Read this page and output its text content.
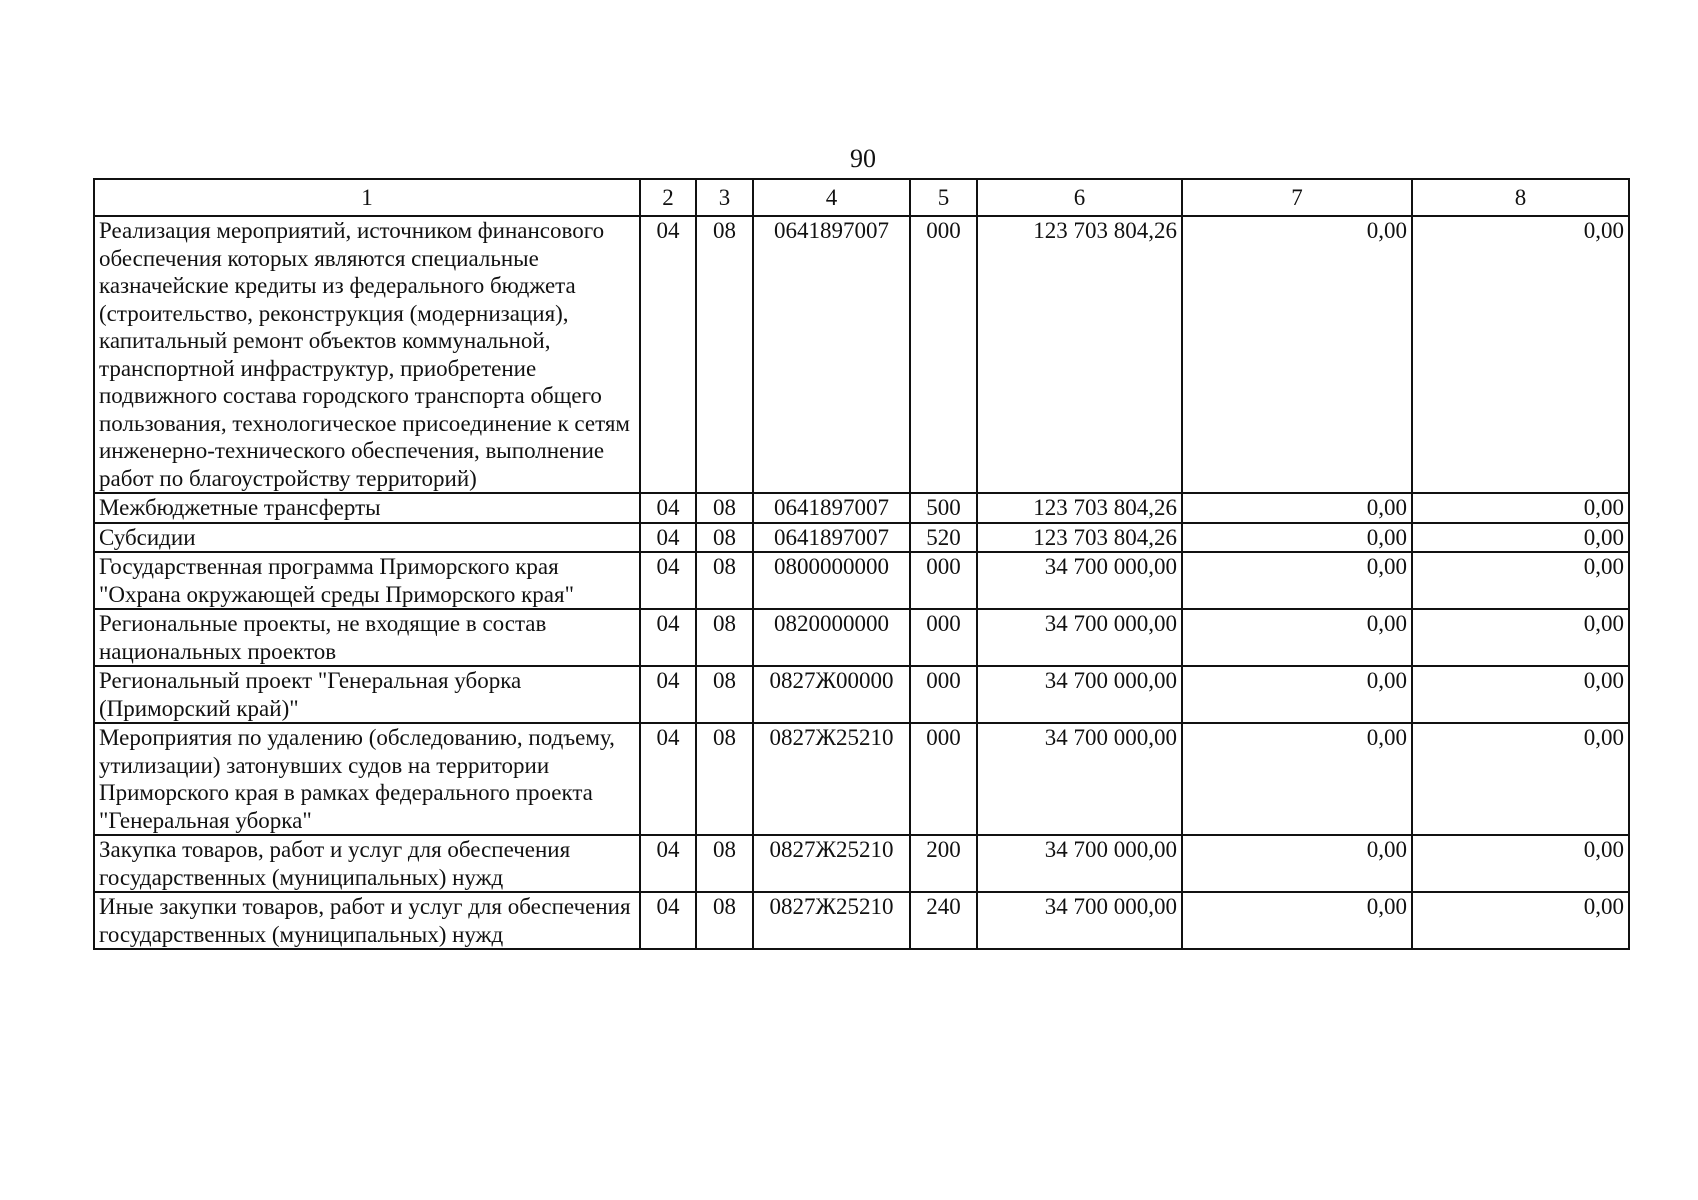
90
1	2	3	4	5	6	7	8
Реализация мероприятий, источником финансового обеспечения которых являются специальные казначейские кредиты из федерального бюджета (строительство, реконструкция (модернизация), капитальный ремонт объектов коммунальной, транспортной инфраструктур, приобретение подвижного состава городского транспорта общего пользования, технологическое присоединение к сетям инженерно-технического обеспечения, выполнение работ по благоустройству территорий)	04	08	0641897007	000	123 703 804,26	0,00	0,00
Межбюджетные трансферты	04	08	0641897007	500	123 703 804,26	0,00	0,00
Субсидии	04	08	0641897007	520	123 703 804,26	0,00	0,00
Государственная программа Приморского края "Охрана окружающей среды Приморского края"	04	08	0800000000	000	34 700 000,00	0,00	0,00
Региональные проекты, не входящие в состав национальных проектов	04	08	0820000000	000	34 700 000,00	0,00	0,00
Региональный проект "Генеральная уборка (Приморский край)"	04	08	0827Ж00000	000	34 700 000,00	0,00	0,00
Мероприятия по удалению (обследованию, подъему, утилизации) затонувших судов на территории Приморского края в рамках федерального проекта "Генеральная уборка"	04	08	0827Ж25210	000	34 700 000,00	0,00	0,00
Закупка товаров, работ и услуг для обеспечения государственных (муниципальных) нужд	04	08	0827Ж25210	200	34 700 000,00	0,00	0,00
Иные закупки товаров, работ и услуг для обеспечения государственных (муниципальных) нужд	04	08	0827Ж25210	240	34 700 000,00	0,00	0,00
